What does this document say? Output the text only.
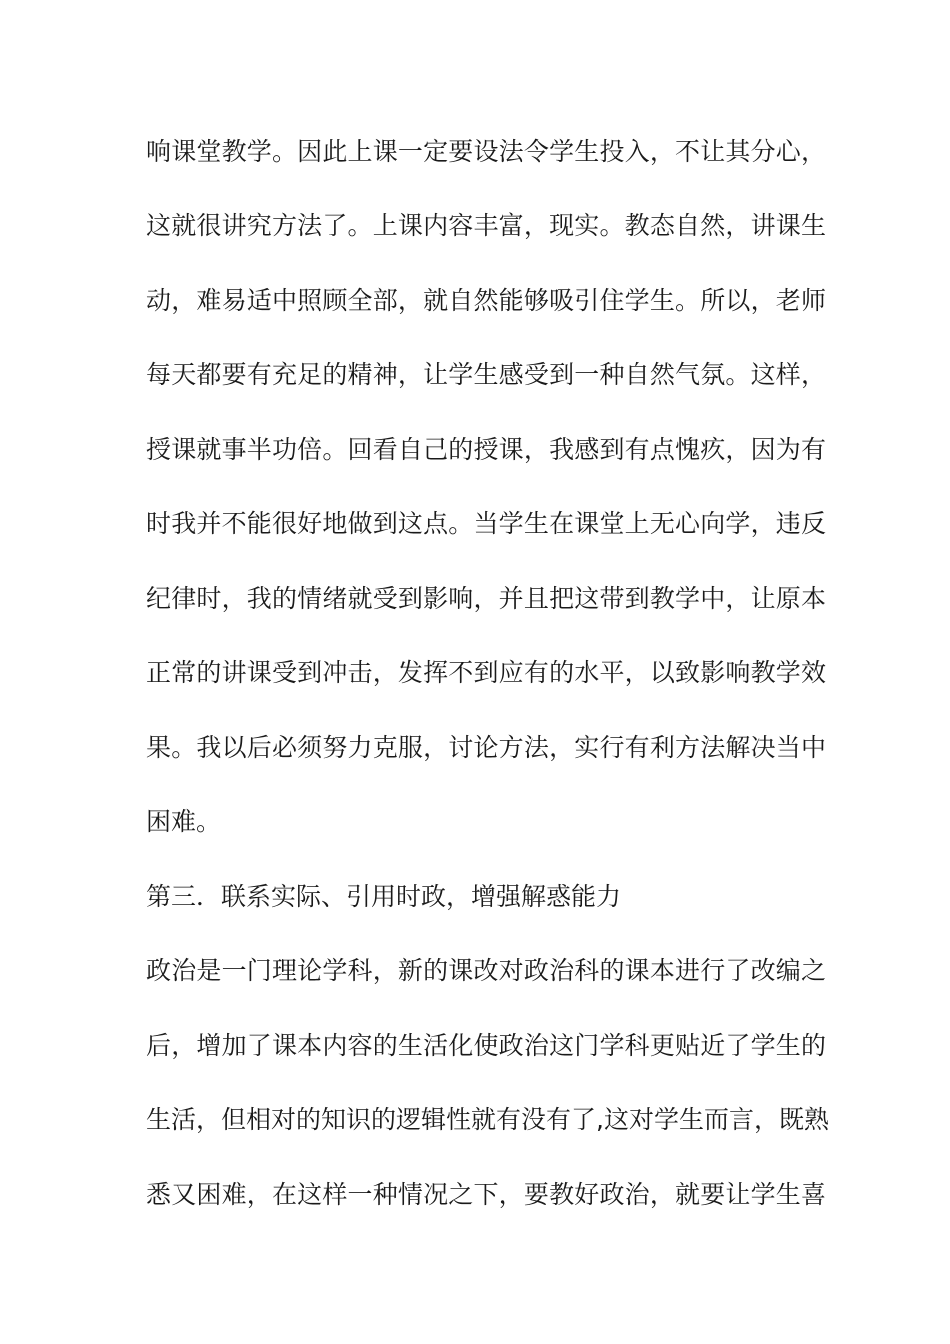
响课堂教学。因此上课一定要设法令学生投入，不让其分心，
这就很讲究方法了。上课内容丰富，现实。教态自然，讲课生
动，难易适中照顾全部，就自然能够吸引住学生。所以，老师
每天都要有充足的精神，让学生感受到一种自然气氛。这样，
授课就事半功倍。回看自己的授课，我感到有点愧疚，因为有
时我并不能很好地做到这点。当学生在课堂上无心向学，违反
纪律时，我的情绪就受到影响，并且把这带到教学中，让原本
正常的讲课受到冲击，发挥不到应有的水平，以致影响教学效
果。我以后必须努力克服，讨论方法，实行有利方法解决当中
困难。
第三．联系实际、引用时政，增强解惑能力
政治是一门理论学科，新的课改对政治科的课本进行了改编之
后，增加了课本内容的生活化使政治这门学科更贴近了学生的
生活，但相对的知识的逻辑性就有没有了,这对学生而言，既熟
悉又困难，在这样一种情况之下，要教好政治，就要让学生喜
